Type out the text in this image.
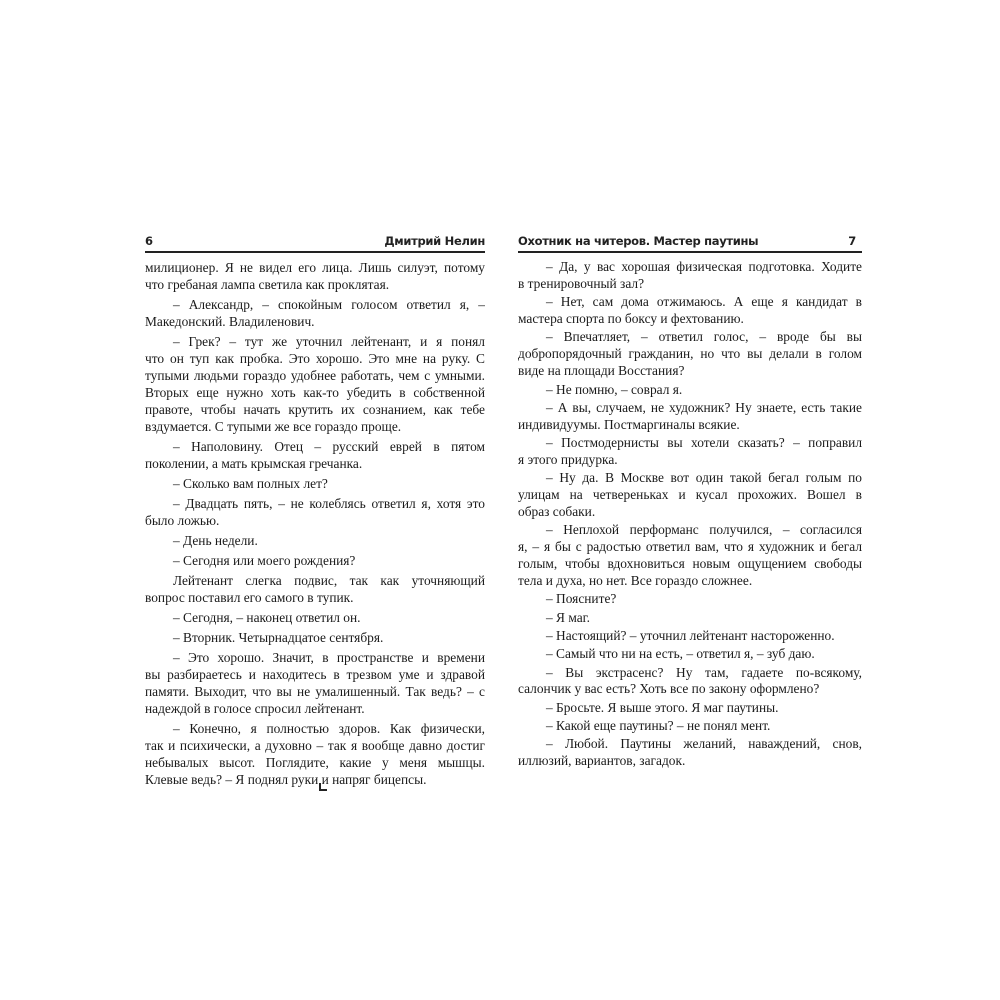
6	Дмитрий Нелин
милиционер. Я не видел его лица. Лишь силуэт, потому
что гребаная лампа светила как проклятая.
– Александр, – спокойным голосом ответил я, –
Македонский. Владиленович.
– Грек? – тут же уточнил лейтенант, и я понял
что он туп как пробка. Это хорошо. Это мне на руку. С
тупыми людьми гораздо удобнее работать, чем с умными.
Вторых еще нужно хоть как-то убедить в собственной
правоте, чтобы начать крутить их сознанием, как тебе
вздумается. С тупыми же все гораздо проще.
– Наполовину. Отец – русский еврей в пятом
поколении, а мать крымская гречанка.
– Сколько вам полных лет?
– Двадцать пять, – не колеблясь ответил я, хотя это
было ложью.
– День недели.
– Сегодня или моего рождения?
Лейтенант слегка подвис, так как уточняющий
вопрос поставил его самого в тупик.
– Сегодня, – наконец ответил он.
– Вторник. Четырнадцатое сентября.
– Это хорошо. Значит, в пространстве и времени
вы разбираетесь и находитесь в трезвом уме и здравой
памяти. Выходит, что вы не умалишенный. Так ведь? – с
надеждой в голосе спросил лейтенант.
– Конечно, я полностью здоров. Как физически,
так и психически, а духовно – так я вообще давно достиг
небывалых высот. Поглядите, какие у меня мышцы.
Клевые ведь? – Я поднял руки и напряг бицепсы.
Охотник на читеров. Мастер паутины	7
– Да, у вас хорошая физическая подготовка. Ходите
в тренировочный зал?
– Нет, сам дома отжимаюсь. А еще я кандидат в
мастера спорта по боксу и фехтованию.
– Впечатляет, – ответил голос, – вроде бы вы
добропорядочный гражданин, но что вы делали в голом
виде на площади Восстания?
– Не помню, – соврал я.
– А вы, случаем, не художник? Ну знаете, есть такие
индивидуумы. Постмаргиналы всякие.
– Постмодернисты вы хотели сказать? – поправил
я этого придурка.
– Ну да. В Москве вот один такой бегал голым по
улицам на четвереньках и кусал прохожих. Вошел в
образ собаки.
– Неплохой перформанс получился, – согласился
я, – я бы с радостью ответил вам, что я художник и бегал
голым, чтобы вдохновиться новым ощущением свободы
тела и духа, но нет. Все гораздо сложнее.
– Поясните?
– Я маг.
– Настоящий? – уточнил лейтенант настороженно.
– Самый что ни на есть, – ответил я, – зуб даю.
– Вы экстрасенс? Ну там, гадаете по-всякому,
салончик у вас есть? Хоть все по закону оформлено?
– Бросьте. Я выше этого. Я маг паутины.
– Какой еще паутины? – не понял мент.
– Любой. Паутины желаний, наваждений, снов,
иллюзий, вариантов, загадок.
